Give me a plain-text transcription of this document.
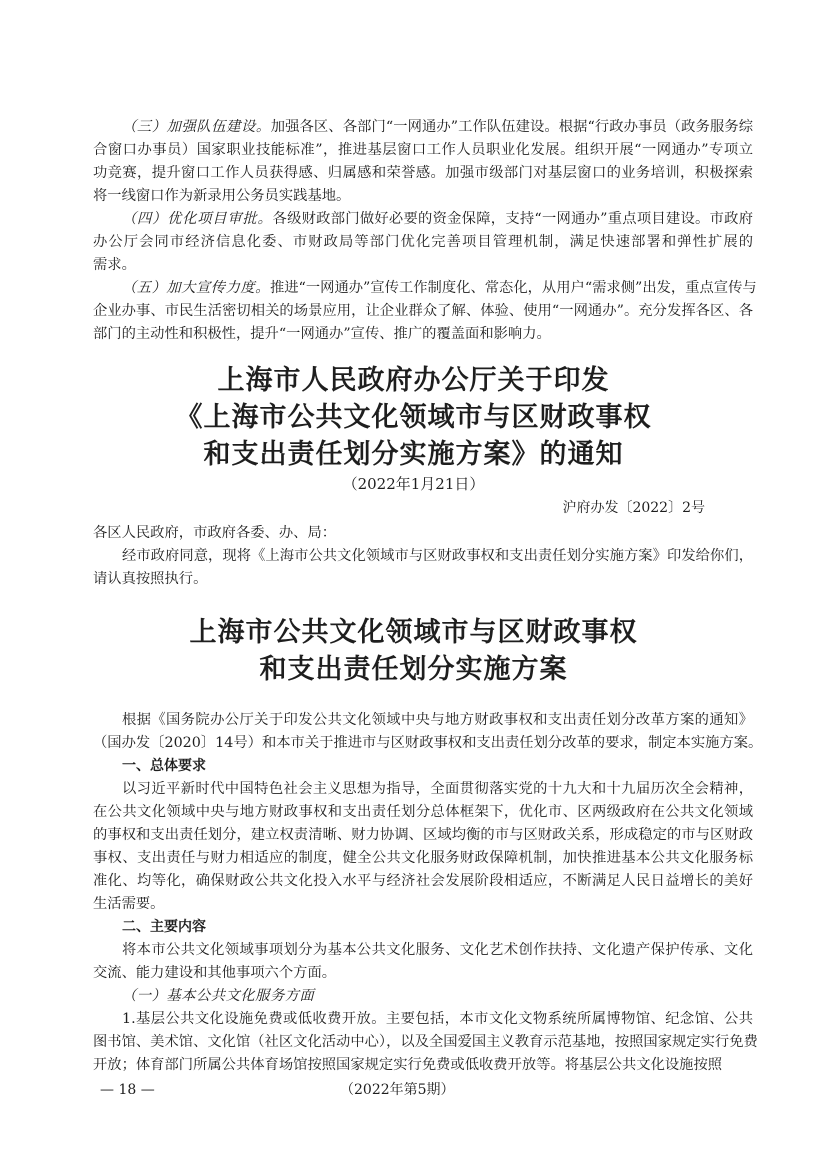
（三）加强队伍建设。加强各区、各部门“一网通办”工作队伍建设。根据“行政办事员（政务服务综
合窗口办事员）国家职业技能标准”，推进基层窗口工作人员职业化发展。组织开展“一网通办”专项立
功竞赛，提升窗口工作人员获得感、归属感和荣誉感。加强市级部门对基层窗口的业务培训，积极探索
将一线窗口作为新录用公务员实践基地。
（四）优化项目审批。各级财政部门做好必要的资金保障，支持“一网通办”重点项目建设。市政府
办公厅会同市经济信息化委、市财政局等部门优化完善项目管理机制，满足快速部署和弹性扩展的
需求。
（五）加大宣传力度。推进“一网通办”宣传工作制度化、常态化，从用户“需求侧”出发，重点宣传与
企业办事、市民生活密切相关的场景应用，让企业群众了解、体验、使用“一网通办”。充分发挥各区、各
部门的主动性和积极性，提升“一网通办”宣传、推广的覆盖面和影响力。
上海市人民政府办公厅关于印发
《上海市公共文化领域市与区财政事权
和支出责任划分实施方案》的通知
（2022年1月21日）
沪府办发〔2022〕2号
各区人民政府，市政府各委、办、局：
经市政府同意，现将《上海市公共文化领域市与区财政事权和支出责任划分实施方案》印发给你们，
请认真按照执行。
上海市公共文化领域市与区财政事权
和支出责任划分实施方案
根据《国务院办公厅关于印发公共文化领域中央与地方财政事权和支出责任划分改革方案的通知》
（国办发〔2020〕14号）和本市关于推进市与区财政事权和支出责任划分改革的要求，制定本实施方案。
一、总体要求
以习近平新时代中国特色社会主义思想为指导，全面贯彻落实党的十九大和十九届历次全会精神，
在公共文化领域中央与地方财政事权和支出责任划分总体框架下，优化市、区两级政府在公共文化领域
的事权和支出责任划分，建立权责清晰、财力协调、区域均衡的市与区财政关系，形成稳定的市与区财政
事权、支出责任与财力相适应的制度，健全公共文化服务财政保障机制，加快推进基本公共文化服务标
准化、均等化，确保财政公共文化投入水平与经济社会发展阶段相适应，不断满足人民日益增长的美好
生活需要。
二、主要内容
将本市公共文化领域事项划分为基本公共文化服务、文化艺术创作扶持、文化遗产保护传承、文化
交流、能力建设和其他事项六个方面。
（一）基本公共文化服务方面
1.基层公共文化设施免费或低收费开放。主要包括，本市文化文物系统所属博物馆、纪念馆、公共
图书馆、美术馆、文化馆（社区文化活动中心），以及全国爱国主义教育示范基地，按照国家规定实行免费
开放；体育部门所属公共体育场馆按照国家规定实行免费或低收费开放等。将基层公共文化设施按照
— 18 —	（2022年第5期）
